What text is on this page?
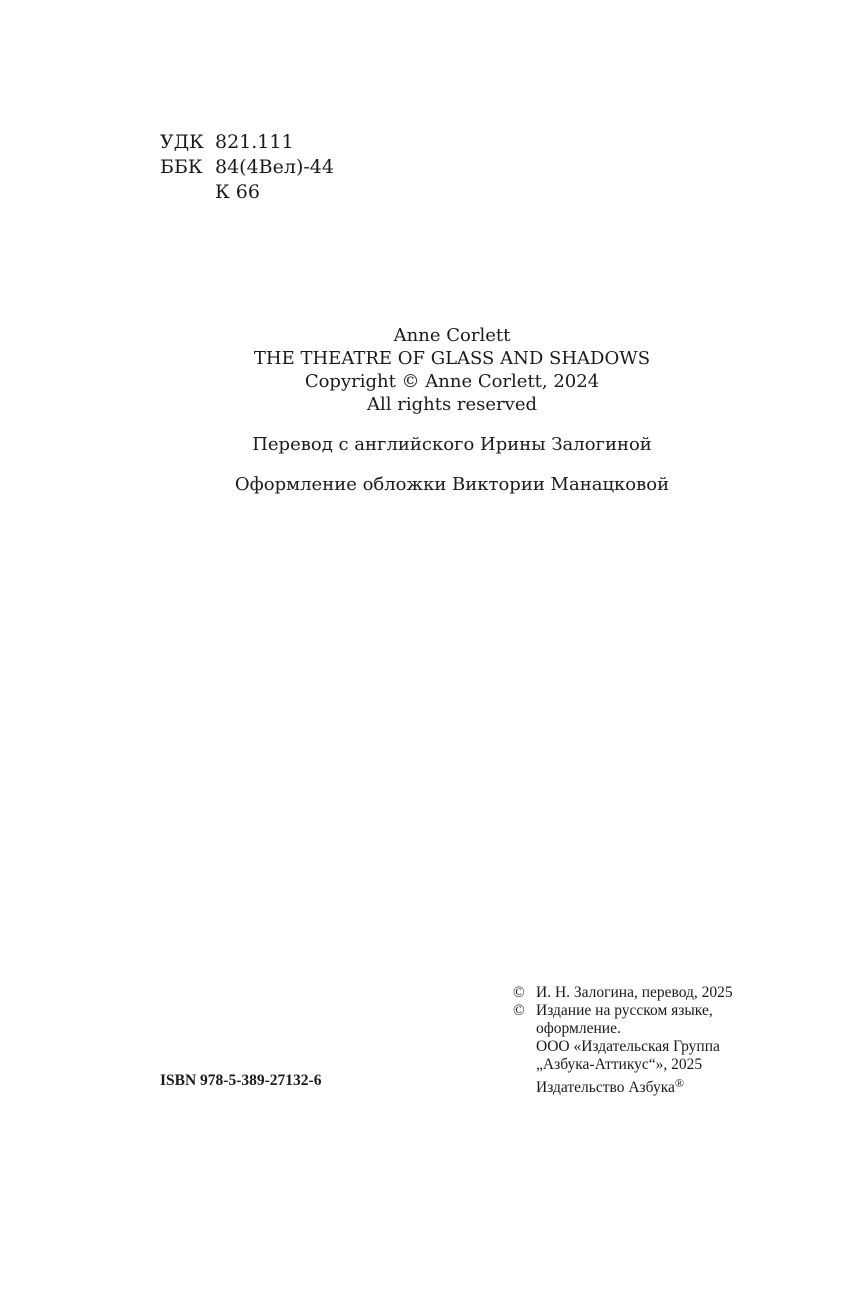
УДК 821.111
ББК 84(4Вел)-44
К 66
Anne Corlett
THE THEATRE OF GLASS AND SHADOWS
Copyright © Anne Corlett, 2024
All rights reserved
Перевод с английского Ирины Залогиной
Оформление обложки Виктории Манацковой
© И. Н. Залогина, перевод, 2025
© Издание на русском языке,
оформление.
ООО «Издательская Группа
„Азбука-Аттикус“», 2025
Издательство Азбука®
ISBN 978-5-389-27132-6
